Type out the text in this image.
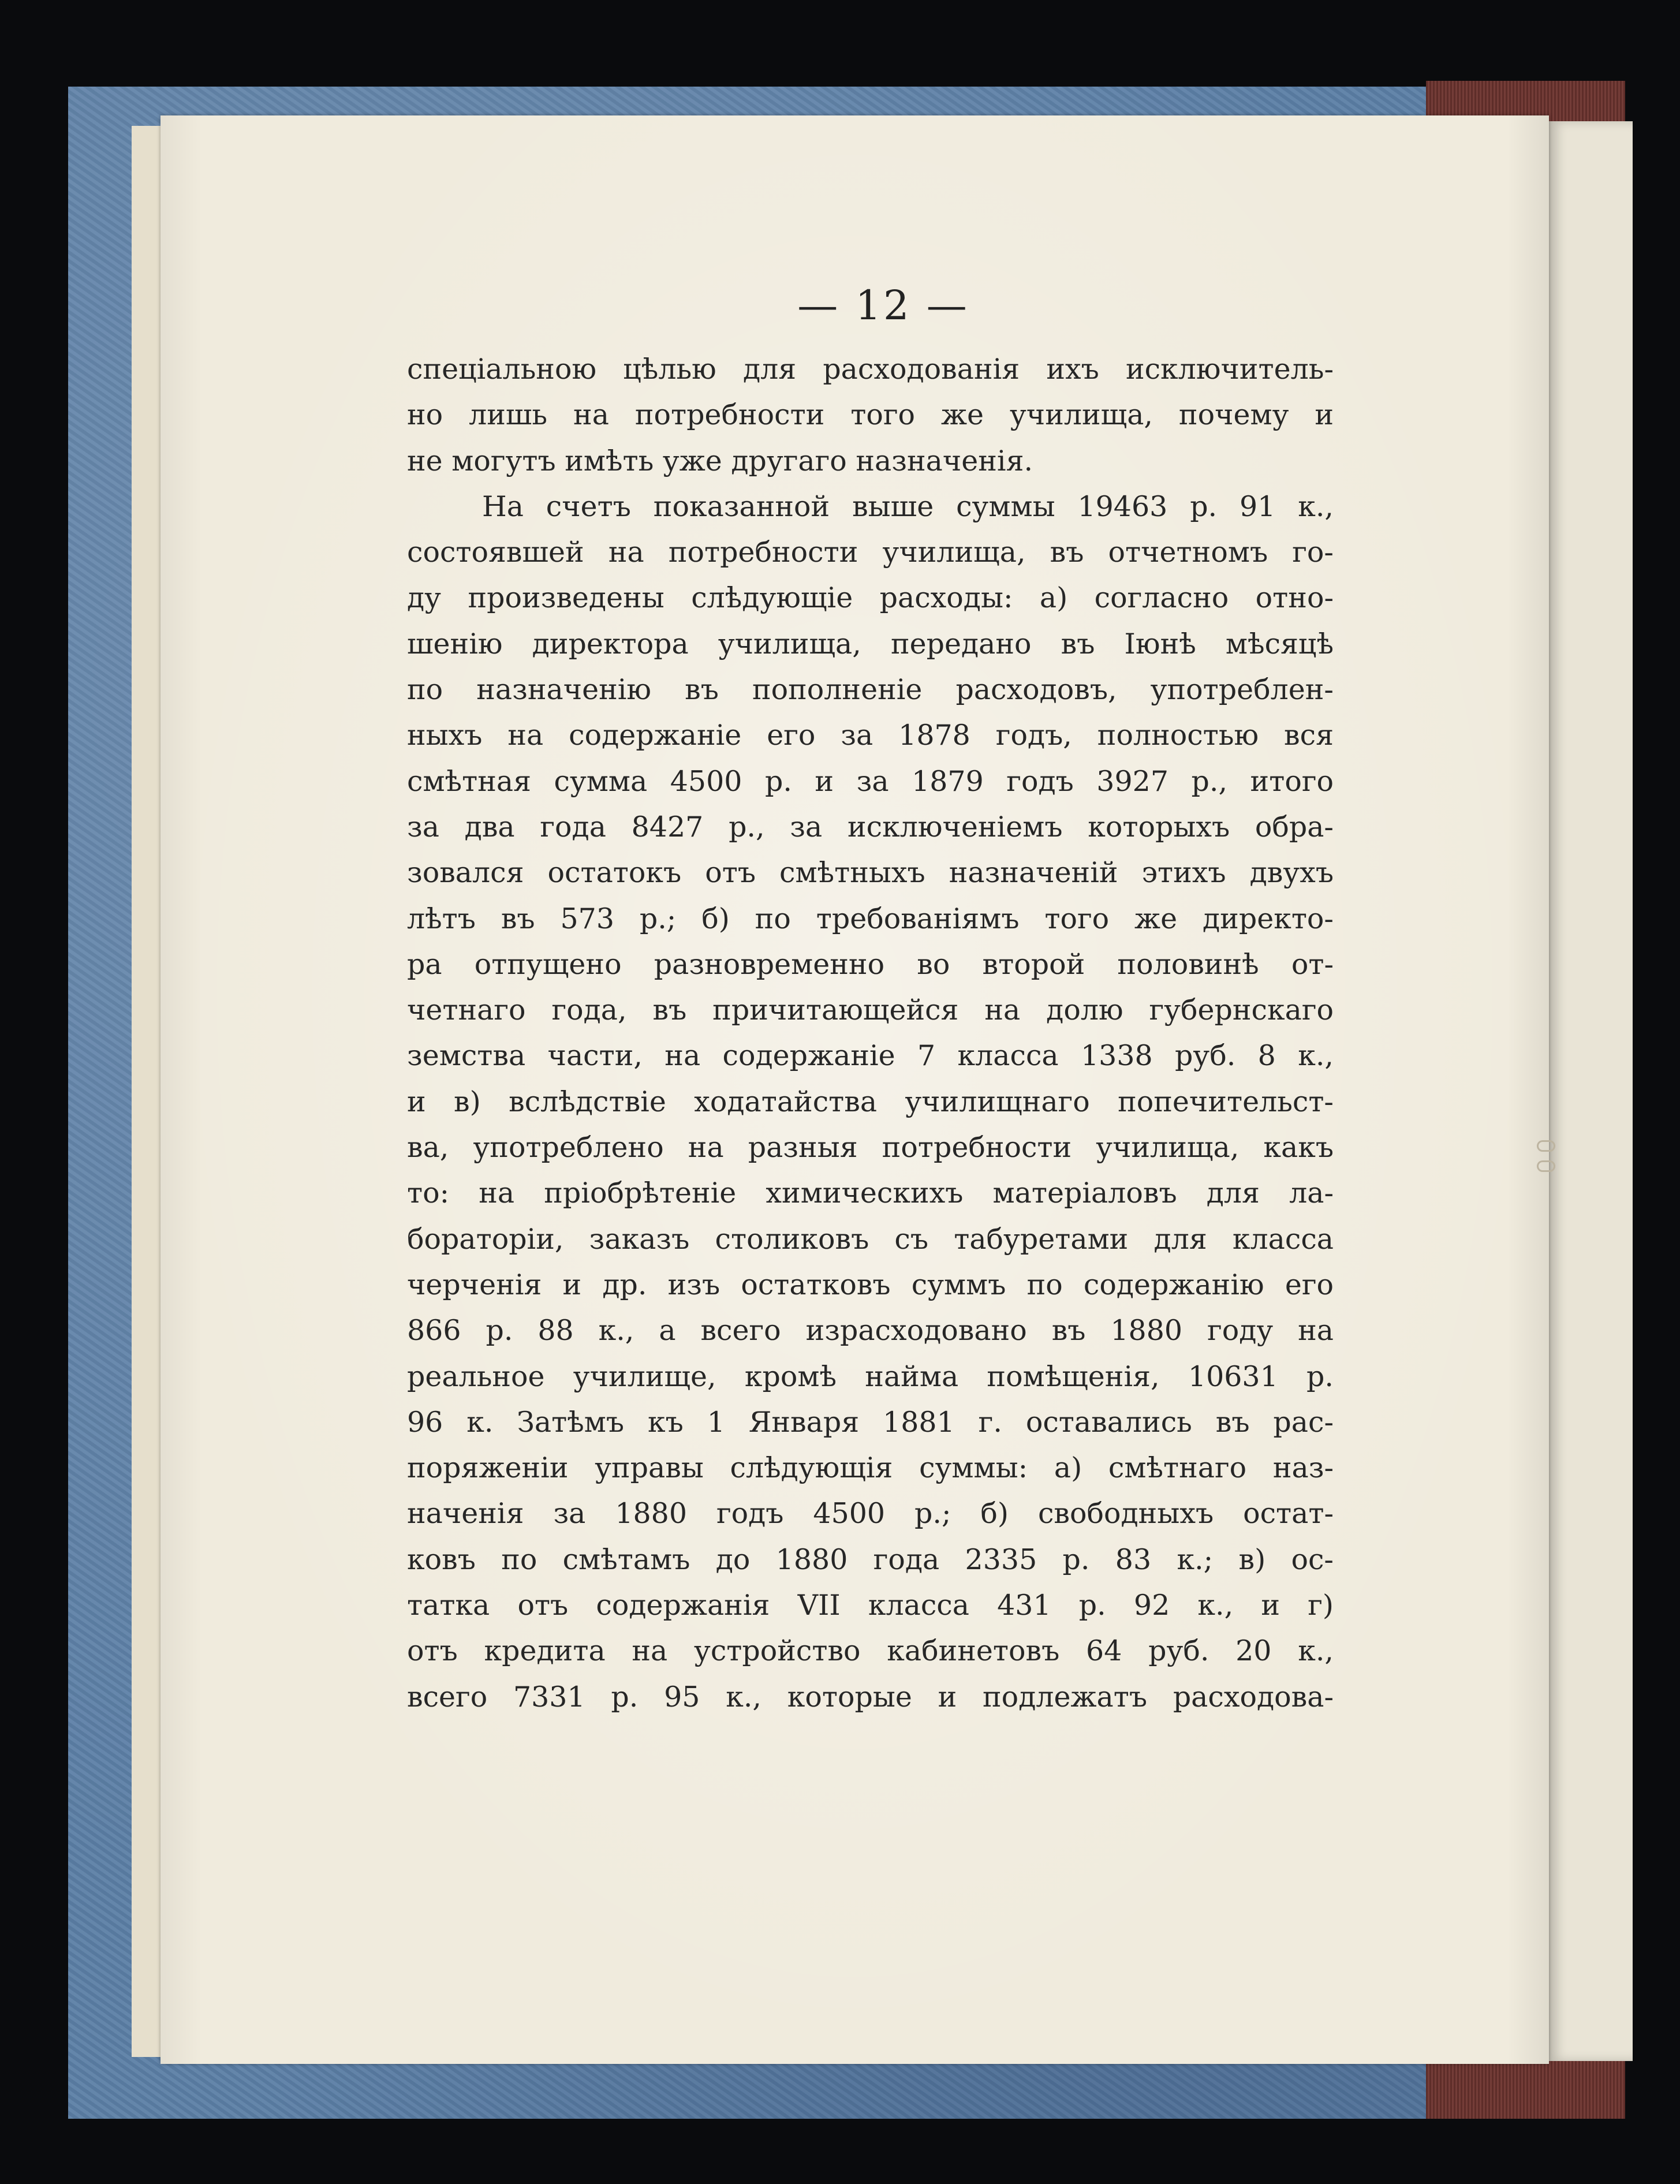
— 12 —
спеціальною цѣлью для расходованія ихъ исключитель-
но лишь на потребности того же училища, почему и
не могутъ имѣть уже другаго назначенія.
На счетъ показанной выше суммы 19463 р. 91 к.,
состоявшей на потребности училища, въ отчетномъ го-
ду произведены слѣдующіе расходы: а) согласно отно-
шенію директора училища, передано въ Іюнѣ мѣсяцѣ
по назначенію въ пополненіе расходовъ, употреблен-
ныхъ на содержаніе его за 1878 годъ, полностью вся
смѣтная сумма 4500 р. и за 1879 годъ 3927 р., итого
за два года 8427 р., за исключеніемъ которыхъ обра-
зовался остатокъ отъ смѣтныхъ назначеній этихъ двухъ
лѣтъ въ 573 р.; б) по требованіямъ того же директо-
ра отпущено разновременно во второй половинѣ от-
четнаго года, въ причитающейся на долю губернскаго
земства части, на содержаніе 7 класса 1338 руб. 8 к.,
и в) вслѣдствіе ходатайства училищнаго попечительст-
ва, употреблено на разныя потребности училища, какъ
то: на пріобрѣтеніе химическихъ матеріаловъ для ла-
бораторіи, заказъ столиковъ съ табуретами для класса
черченія и др. изъ остатковъ суммъ по содержанію его
866 р. 88 к., а всего израсходовано въ 1880 году на
реальное училище, кромѣ найма помѣщенія, 10631 р.
96 к. Затѣмъ къ 1 Января 1881 г. оставались въ рас-
поряженіи управы слѣдующія суммы: а) смѣтнаго наз-
наченія за 1880 годъ 4500 р.; б) свободныхъ остат-
ковъ по смѣтамъ до 1880 года 2335 р. 83 к.; в) ос-
татка отъ содержанія VII класса 431 р. 92 к., и г)
отъ кредита на устройство кабинетовъ 64 руб. 20 к.,
всего 7331 р. 95 к., которые и подлежатъ расходова-
